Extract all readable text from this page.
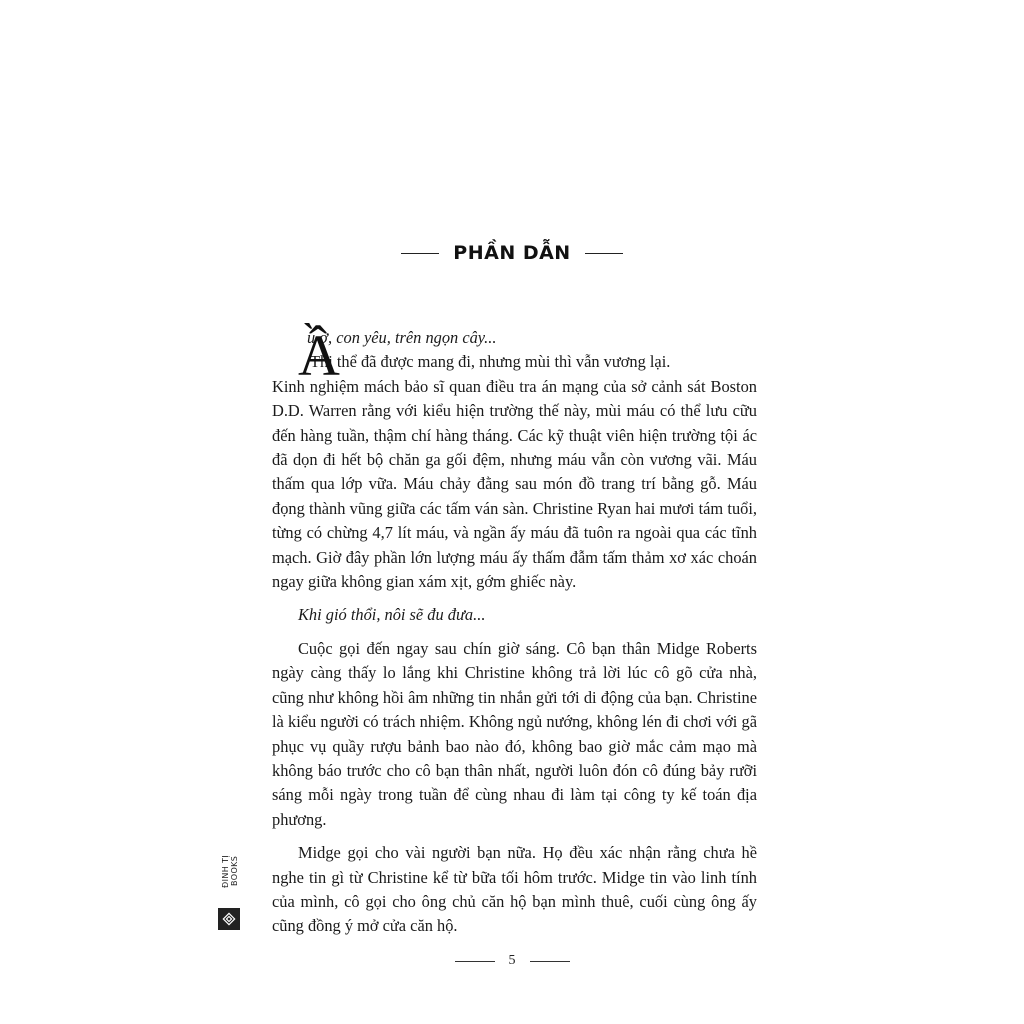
PHẦN DẪN
Ầ
u ơ, con yêu, trên ngọn cây...
Thi thể đã được mang đi, nhưng mùi thì vẫn vương lại.

Kinh nghiệm mách bảo sĩ quan điều tra án mạng của sở cảnh sát Boston D.D. Warren rằng với kiểu hiện trường thế này, mùi máu có thể lưu cữu đến hàng tuần, thậm chí hàng tháng. Các kỹ thuật viên hiện trường tội ác đã dọn đi hết bộ chăn ga gối đệm, nhưng máu vẫn còn vương vãi. Máu thấm qua lớp vữa. Máu chảy đằng sau món đồ trang trí bằng gỗ. Máu đọng thành vũng giữa các tấm ván sàn. Christine Ryan hai mươi tám tuổi, từng có chừng 4,7 lít máu, và ngần ấy máu đã tuôn ra ngoài qua các tĩnh mạch. Giờ đây phần lớn lượng máu ấy thấm đẫm tấm thảm xơ xác choán ngay giữa không gian xám xịt, gớm ghiếc này.

Khi gió thổi, nôi sẽ đu đưa...

Cuộc gọi đến ngay sau chín giờ sáng. Cô bạn thân Midge Roberts ngày càng thấy lo lắng khi Christine không trả lời lúc cô gõ cửa nhà, cũng như không hồi âm những tin nhắn gửi tới di động của bạn. Christine là kiểu người có trách nhiệm. Không ngủ nướng, không lén đi chơi với gã phục vụ quầy rượu bảnh bao nào đó, không bao giờ mắc cảm mạo mà không báo trước cho cô bạn thân nhất, người luôn đón cô đúng bảy rưỡi sáng mỗi ngày trong tuần để cùng nhau đi làm tại công ty kế toán địa phương.

Midge gọi cho vài người bạn nữa. Họ đều xác nhận rằng chưa hề nghe tin gì từ Christine kể từ bữa tối hôm trước. Midge tin vào linh tính của mình, cô gọi cho ông chủ căn hộ bạn mình thuê, cuối cùng ông ấy cũng đồng ý mở cửa căn hộ.

ĐINH TỊ BOOKS
5
